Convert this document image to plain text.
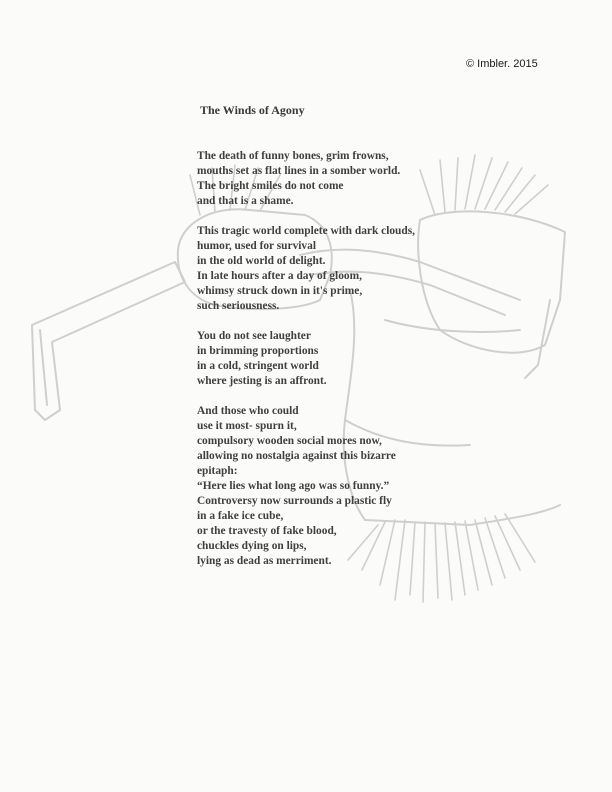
© Imbler. 2015
The Winds of Agony
The death of funny bones, grim frowns,
mouths set as flat lines in a somber world.
The bright smiles do not come
and that is a shame.
This tragic world complete with dark clouds,
humor, used for survival
in the old world of delight.
In late hours after a day of gloom,
whimsy struck down in it's prime,
such seriousness.
You do not see laughter
in brimming proportions
in a cold, stringent world
where jesting is an affront.
And those who could
use it most- spurn it,
compulsory wooden social mores now,
allowing no nostalgia against this bizarre
epitaph:
“Here lies what long ago was so funny.”
Controversy now surrounds a plastic fly
in a fake ice cube,
or the travesty of fake blood,
chuckles dying on lips,
lying as dead as merriment.
